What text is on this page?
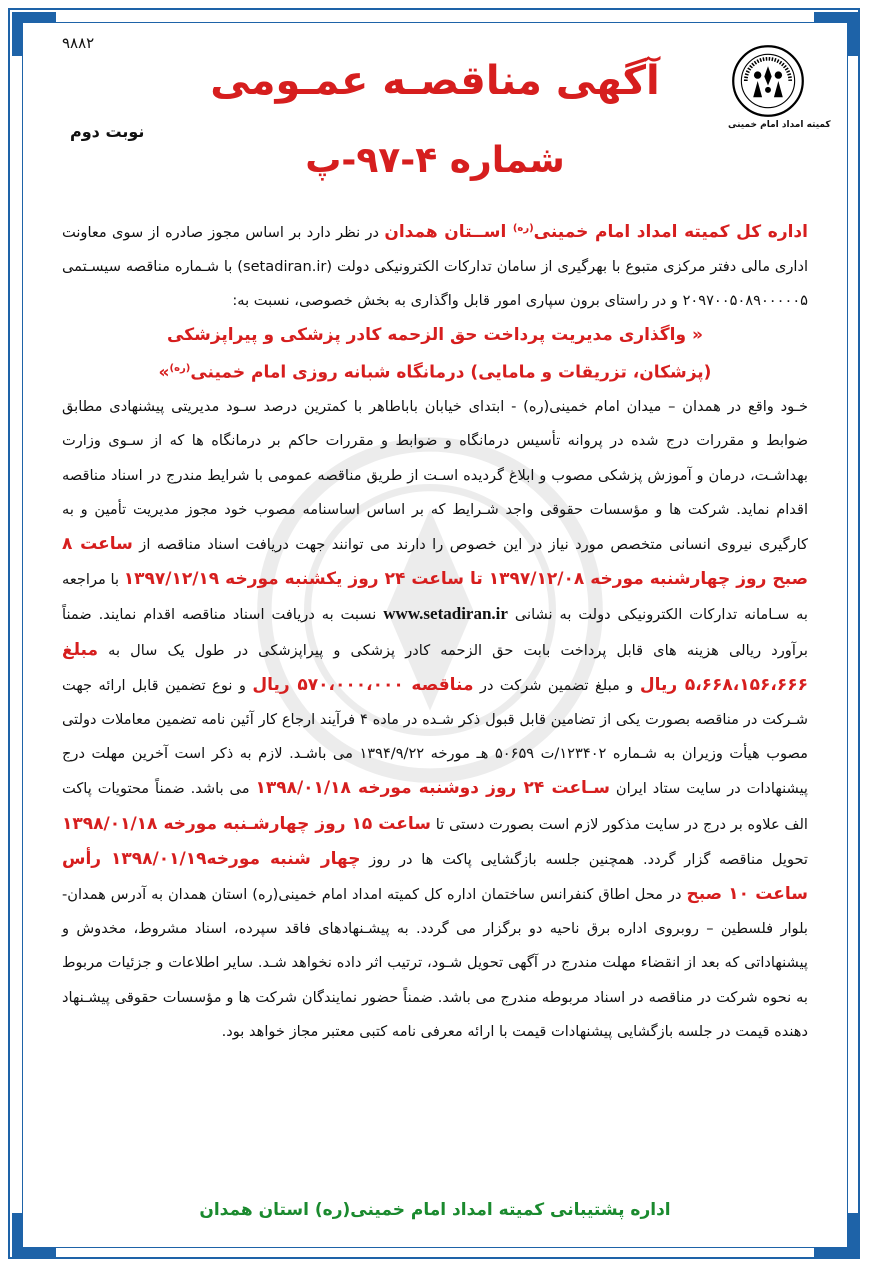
۹۸۸۲
نوبت دوم	کمیته امداد امام خمینی
آگهی مناقصـه عمـومی
شماره ۴-۹۷-پ

اداره کل کمیته امداد امام خمینی$^{(ره)}$ اســتان همدان در نظر دارد بر اساس مجوز صادره از سوی معاونت اداری مالی دفتر مرکزی متبوع با بهرگیری از سامان تدارکات الکترونیکی دولت (setadiran.ir) با شـماره مناقصه سیسـتمی ۲۰۹۷۰۰۵۰۸۹۰۰۰۰۰۵ و در راستای برون سپاری امور قابل واگذاری به بخش خصوصی، نسبت به:

« واگذاری مدیریت پرداخت حق الزحمه کادر پزشکی و پیراپزشکی
(پزشکان، تزریقات و مامایی) درمانگاه شبانه روزی امام خمینی$^{(ره)}$»

خـود واقع در همدان – میدان امام خمینی(ره) - ابتدای خیابان باباطاهر با کمترین درصد سـود مدیریتی پیشنهادی مطابق ضوابط و مقررات درج شده در پروانه تأسیس درمانگاه و ضوابط و مقررات حاکم بر درمانگاه ها که از سـوی وزارت بهداشـت، درمان و آموزش پزشکی مصوب و ابلاغ گردیده اسـت از طریق مناقصه عمومی با شرایط مندرج در اسناد مناقصه اقدام نماید. شرکت ها و مؤسسات حقوقی واجد شـرایط که بر اساس اساسنامه مصوب خود مجوز مدیریت تأمین و به کارگیری نیروی انسانی متخصص مورد نیاز در این خصوص را دارند می توانند جهت دریافت اسناد مناقصه از ساعت ۸ صبح روز چهارشنبه مورخه ۱۳۹۷/۱۲/۰۸ تا ساعت ۲۴ روز یکشنبه مورخه ۱۳۹۷/۱۲/۱۹ با مراجعه به سـامانه تدارکات الکترونیکی دولت به نشانی www.setadiran.ir نسبت به دریافت اسناد مناقصه اقدام نمایند. ضمناً برآورد ریالی هزینه های قابل پرداخت بابت حق الزحمه کادر پزشکی و پیراپزشکی در طول یک سال به مبلغ ۵،۶۶۸،۱۵۶،۶۶۶ ریال و مبلغ تضمین شرکت در مناقصه ۵۷۰،۰۰۰،۰۰۰ ریال و نوع تضمین قابل ارائه جهت شـرکت در مناقصه بصورت یکی از تضامین قابل قبول ذکر شـده در ماده ۴ فرآیند ارجاع کار آئین نامه تضمین معاملات دولتی مصوب هیأت وزیران به شـماره ۱۲۳۴۰۲/ت ۵۰۶۵۹ هـ مورخه ۱۳۹۴/۹/۲۲ می باشـد. لازم به ذکر است آخرین مهلت درج پیشنهادات در سایت ستاد ایران سـاعت ۲۴ روز دوشنبه مورخه ۱۳۹۸/۰۱/۱۸ می باشد. ضمناً محتویات پاکت الف علاوه بر درج در سایت مذکور لازم است بصورت دستی تا ساعت ۱۵ روز چهارشـنبه مورخه ۱۳۹۸/۰۱/۱۸ تحویل مناقصه گزار گردد. همچنین جلسه بازگشایی پاکت ها در روز چهار شنبه مورخه۱۳۹۸/۰۱/۱۹ رأس ساعت ۱۰ صبح در محل اطاق کنفرانس ساختمان اداره کل کمیته امداد امام خمینی(ره) استان همدان به آدرس همدان- بلوار فلسطین – روبروی اداره برق ناحیه دو برگزار می گردد. به پیشـنهادهای فاقد سپرده، اسناد مشروط، مخدوش و پیشنهاداتی که بعد از انقضاء مهلت مندرج در آگهی تحویل شـود، ترتیب اثر داده نخواهد شـد. سایر اطلاعات و جزئیات مربوط به نحوه شرکت در مناقصه در اسناد مربوطه مندرج می باشد. ضمناً حضور نمایندگان شرکت ها و مؤسسات حقوقی پیشـنهاد دهنده قیمت در جلسه بازگشایی پیشنهادات قیمت با ارائه معرفی نامه کتبی معتبر مجاز خواهد بود.

اداره پشتیبانی کمیته امداد امام خمینی(ره) استان همدان
